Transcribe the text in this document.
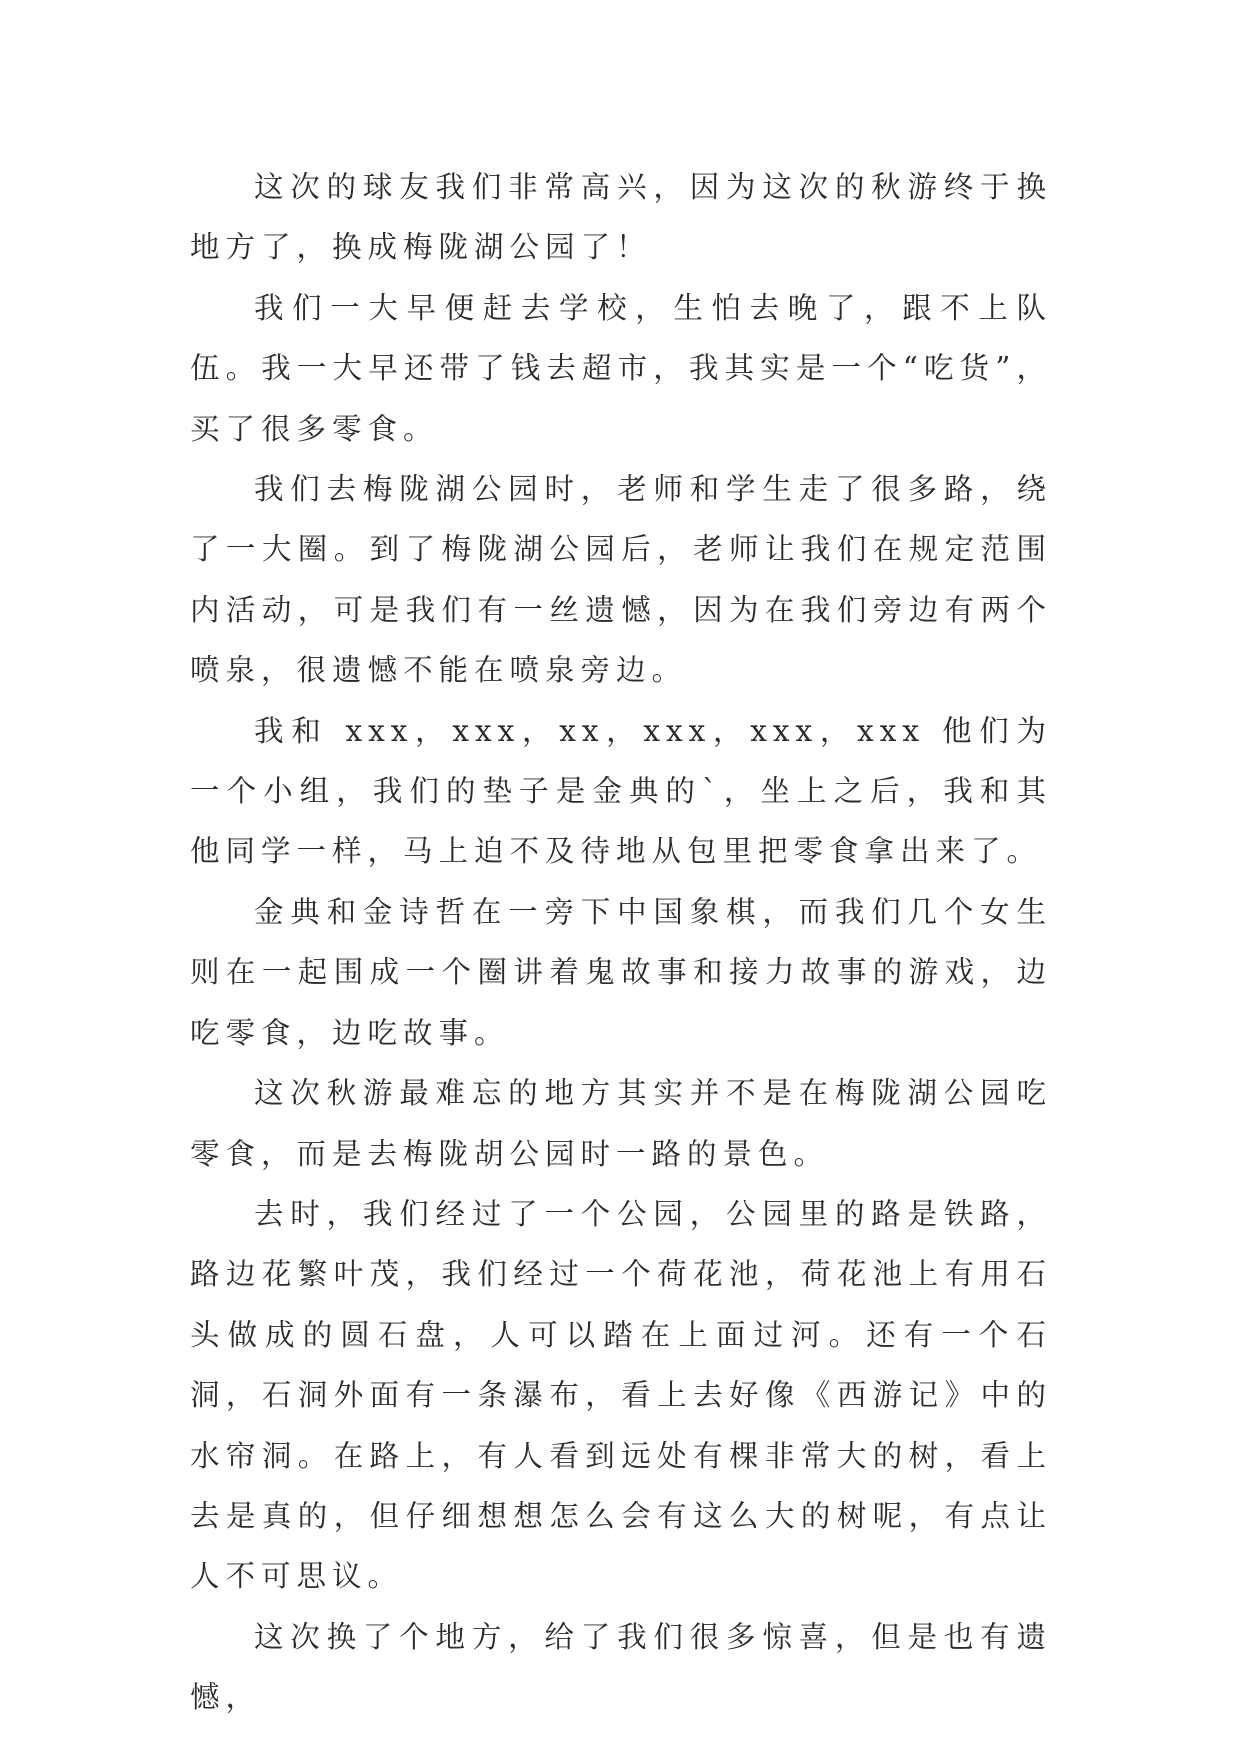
这次的球友我们非常高兴，因为这次的秋游终于换地方了，换成梅陇湖公园了！

我们一大早便赶去学校，生怕去晚了，跟不上队伍。我一大早还带了钱去超市，我其实是一个“吃货”，买了很多零食。

我们去梅陇湖公园时，老师和学生走了很多路，绕了一大圈。到了梅陇湖公园后，老师让我们在规定范围内活动，可是我们有一丝遗憾，因为在我们旁边有两个喷泉，很遗憾不能在喷泉旁边。

我和 xxx，xxx，xx，xxx，xxx，xxx 他们为一个小组，我们的垫子是金典的`，坐上之后，我和其他同学一样，马上迫不及待地从包里把零食拿出来了。

金典和金诗哲在一旁下中国象棋，而我们几个女生则在一起围成一个圈讲着鬼故事和接力故事的游戏，边吃零食，边吃故事。

这次秋游最难忘的地方其实并不是在梅陇湖公园吃零食，而是去梅陇胡公园时一路的景色。

去时，我们经过了一个公园，公园里的路是铁路，路边花繁叶茂，我们经过一个荷花池，荷花池上有用石头做成的圆石盘，人可以踏在上面过河。还有一个石洞，石洞外面有一条瀑布，看上去好像《西游记》中的水帘洞。在路上，有人看到远处有棵非常大的树，看上去是真的，但仔细想想怎么会有这么大的树呢，有点让人不可思议。

这次换了个地方，给了我们很多惊喜，但是也有遗憾，
